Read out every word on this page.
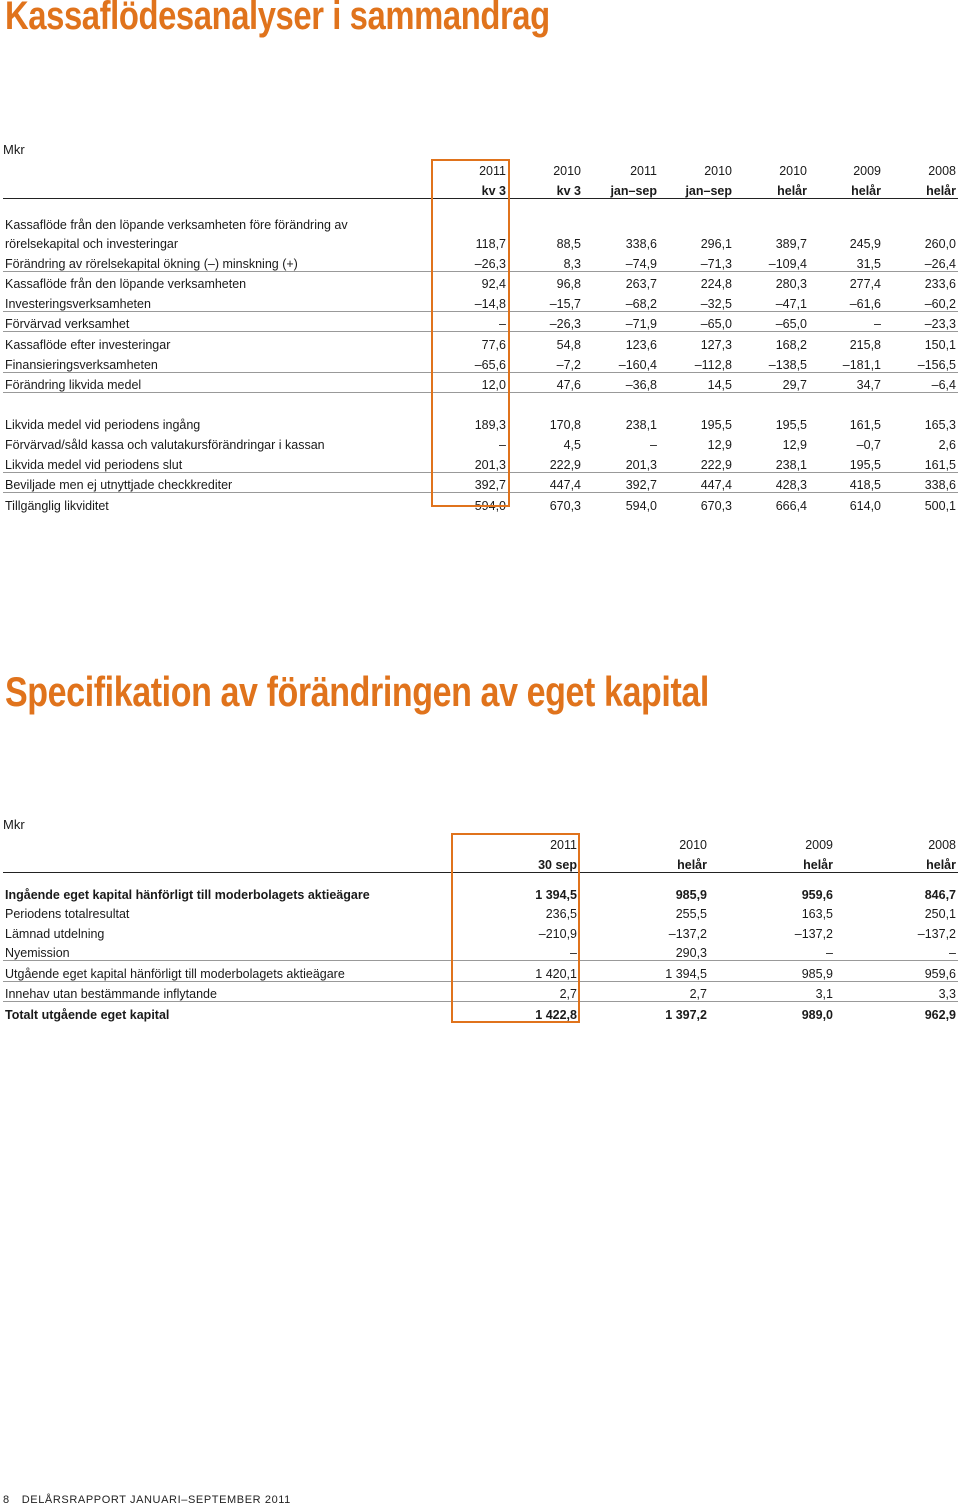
Kassaflödesanalyser i sammandrag
Mkr
	2011	2010	2011	2010	2010	2009	2008
	kv 3	kv 3	jan–sep	jan–sep	helår	helår	helår
Kassaflöde från den löpande verksamheten före förändring av							
rörelsekapital och investeringar	118,7	88,5	338,6	296,1	389,7	245,9	260,0
Förändring av rörelsekapital ökning (–) minskning (+)	–26,3	8,3	–74,9	–71,3	–109,4	31,5	–26,4
Kassaflöde från den löpande verksamheten	92,4	96,8	263,7	224,8	280,3	277,4	233,6
Investeringsverksamheten	–14,8	–15,7	–68,2	–32,5	–47,1	–61,6	–60,2
Förvärvad verksamhet	–	–26,3	–71,9	–65,0	–65,0	–	–23,3
Kassaflöde efter investeringar	77,6	54,8	123,6	127,3	168,2	215,8	150,1
Finansieringsverksamheten	–65,6	–7,2	–160,4	–112,8	–138,5	–181,1	–156,5
Förändring likvida medel	12,0	47,6	–36,8	14,5	29,7	34,7	–6,4

Likvida medel vid periodens ingång	189,3	170,8	238,1	195,5	195,5	161,5	165,3
Förvärvad/såld kassa och valutakursförändringar i kassan	–	4,5	–	12,9	12,9	–0,7	2,6
Likvida medel vid periodens slut	201,3	222,9	201,3	222,9	238,1	195,5	161,5
Beviljade men ej utnyttjade checkkrediter	392,7	447,4	392,7	447,4	428,3	418,5	338,6
Tillgänglig likviditet	594,0	670,3	594,0	670,3	666,4	614,0	500,1
Specifikation av förändringen av eget kapital
Mkr
	2011	2010	2009	2008
	30 sep	helår	helår	helår
Ingående eget kapital hänförligt till moderbolagets aktieägare	1 394,5	985,9	959,6	846,7
Periodens totalresultat	236,5	255,5	163,5	250,1
Lämnad utdelning	–210,9	–137,2	–137,2	–137,2
Nyemission	–	290,3	–	–
Utgående eget kapital hänförligt till moderbolagets aktieägare	1 420,1	1 394,5	985,9	959,6
Innehav utan bestämmande inflytande	2,7	2,7	3,1	3,3
Totalt utgående eget kapital	1 422,8	1 397,2	989,0	962,9
8 DELÅRSRAPPORT JANUARI–SEPTEMBER 2011
